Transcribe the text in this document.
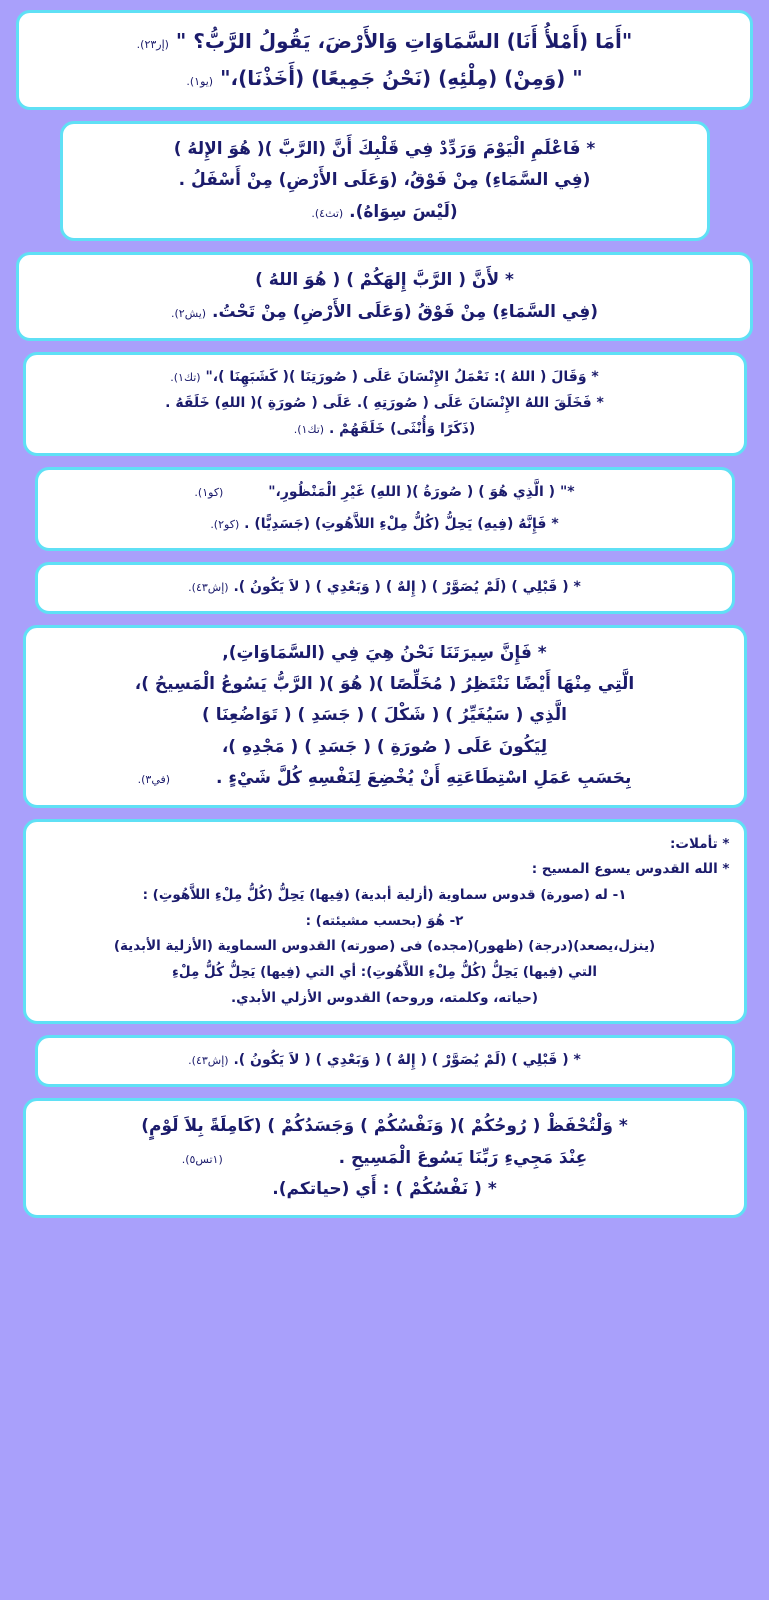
"أَمَا (أَمْلأُ أَنَا) السَّمَاوَاتِ وَالأَرْضَ، يَقُولُ الرَّبُّ؟ " (إر٢٣).
" (وَمِنْ) (مِلْئِهِ) (نَحْنُ جَمِيعًا) (أَخَذْنَا)،" (يو١).
* فَاعْلَمِ الْيَوْمَ وَرَدِّدْ فِي قَلْبِكَ أَنَّ (الرَّبَّ )( هُوَ الإِلهُ )
(فِي السَّمَاءِ) مِنْ فَوْقُ، (وَعَلَى الأَرْضِ) مِنْ أَسْفَلُ .
(لَيْسَ سِوَاهُ). (تث٤).
* لأَنَّ ( الرَّبَّ إِلهَكُمْ ) ( هُوَ اللهُ )
(فِي السَّمَاءِ) مِنْ فَوْقُ (وَعَلَى الأَرْضِ) مِنْ تَحْتُ. (يش٢).
* وَقَالَ ( اللهُ ): نَعْمَلُ الإِنْسَانَ عَلَى ( صُورَتِنَا )( كَشَبَهِنَا )،" (تك١).
* فَخَلَقَ اللهُ الإِنْسَانَ عَلَى ( صُورَتِهِ ). عَلَى ( صُورَةِ )( اللهِ) خَلَقَهُ .
(ذَكَرًا وَأُنْثَى) خَلَقَهُمْ . (تك١).
*" ( الَّذِي هُوَ ) ( صُورَةُ )( اللهِ) غَيْرِ الْمَنْظُورِ،" (كو١).
* فَإِنَّهُ (فِيهِ) يَحِلُّ (كُلُّ مِلْءِ اللاَّهُوتِ) (جَسَدِيًّا) . (كو٢).
* ( قَبْلِي ) (لَمْ يُصَوَّرْ ) ( إِلهٌ ) ( وَبَعْدِي ) ( لاَ يَكُونُ ). (إش٤٣).
* فَإِنَّ سِيرَتَنَا نَحْنُ هِيَ فِي (السَّمَاوَاتِ),
الَّتِي مِنْهَا أَيْضًا نَنْتَظِرُ ( مُخَلِّصًا )( هُوَ )( الرَّبُّ يَسُوعُ الْمَسِيحُ )،
الَّذِي ( سَيُغَيِّرُ ) ( شَكْلَ ) ( جَسَدِ ) ( تَوَاضُعِنَا )
لِيَكُونَ عَلَى ( صُورَةِ ) ( جَسَدِ ) ( مَجْدِهِ )،
بِحَسَبِ عَمَلِ اسْتِطَاعَتِهِ أَنْ يُخْضِعَ لِنَفْسِهِ كُلَّ شَيْءٍ . (في٣).
* تأملات:
* الله القدوس يسوع المسيح :
١- له (صورة) قدوس سماوية (أزلية أبدية) (فِيها) يَحِلُّ (كُلُّ مِلْءِ اللاَّهُوتِ) :
٢- هُوَ (بحسب مشيئته) :
(ينزل،يصعد)(درجة) (ظهور)(مجده) فى (صورته) القدوس السماوية (الأزلية الأبدية)
التي (فِيها) يَحِلُّ (كُلُّ مِلْءِ اللاَّهُوتِ): أي التي (فِيها) يَحِلُّ كُلُّ مِلْءِ
(حياته، وكلمته، وروحه) القدوس الأزلي الأبدي.
* ( قَبْلِي ) (لَمْ يُصَوَّرْ ) ( إِلهٌ ) ( وَبَعْدِي ) ( لاَ يَكُونُ ). (إش٤٣).
* وَلْتُحْفَظْ ( رُوحُكُمْ )( وَنَفْسُكُمْ ) وَجَسَدُكُمْ ) (كَامِلَةً بِلاَ لَوْمٍ)
عِنْدَ مَجِيءِ رَبِّنَا يَسُوعَ الْمَسِيحِ . (١تس٥).
* ( نَفْسُكُمْ ) : أَي (حياتكم).
